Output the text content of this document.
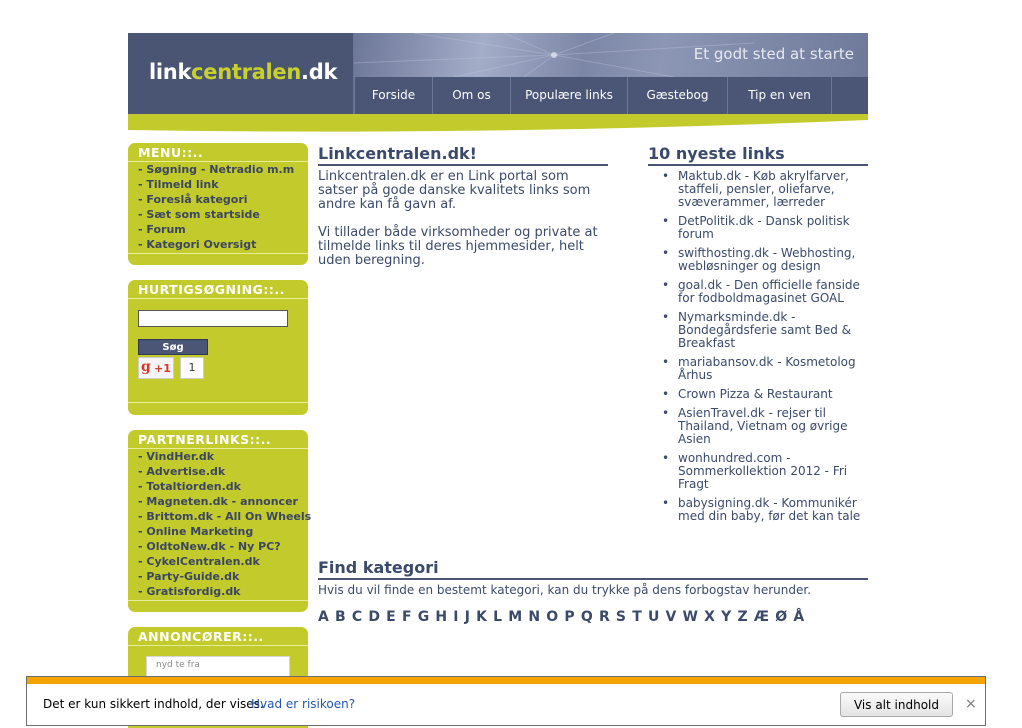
linkcentralen.dk
Et godt sted at starte
Forside	Om os	Populære links	Gæstebog	Tip en ven
MENU::..
- Søgning - Netradio m.m
- Tilmeld link
- Foreslå kategori
- Sæt som startside
- Forum
- Kategori Oversigt
HURTIGSØGNING::..
Søg
g +1	1
PARTNERLINKS::..
- VindHer.dk
- Advertise.dk
- Totaltiorden.dk
- Magneten.dk - annoncer
- Brittom.dk - All On Wheels
- Online Marketing
- OldtoNew.dk - Ny PC?
- CykelCentralen.dk
- Party-Guide.dk
- Gratisfordig.dk
ANNONCØRER::..
nyd te fra
Linkcentralen.dk!

Linkcentralen.dk er en Link portal som satser på gode danske kvalitets links som andre kan få gavn af.

Vi tillader både virksomheder og private at tilmelde links til deres hjemmesider, helt uden beregning.

10 nyeste links
• Maktub.dk - Køb akrylfarver, staffeli, pensler, oliefarve, svæverammer, lærreder
• DetPolitik.dk - Dansk politisk forum
• swifthosting.dk - Webhosting, webløsninger og design
• goal.dk - Den officielle fanside for fodboldmagasinet GOAL
• Nymarksminde.dk - Bondegårdsferie samt Bed & Breakfast
• mariabansov.dk - Kosmetolog Århus
• Crown Pizza & Restaurant
• AsienTravel.dk - rejser til Thailand, Vietnam og øvrige Asien
• wonhundred.com - Sommerkollektion 2012 - Fri Fragt
• babysigning.dk - Kommunikér med din baby, før det kan tale
Find kategori

Hvis du vil finde en bestemt kategori, kan du trykke på dens forbogstav herunder.

A B C D E F G H I J K L M N O P Q R S T U V W X Y Z Æ Ø Å
Det er kun sikkert indhold, der vises.
Hvad er risikoen?	Vis alt indhold	×
